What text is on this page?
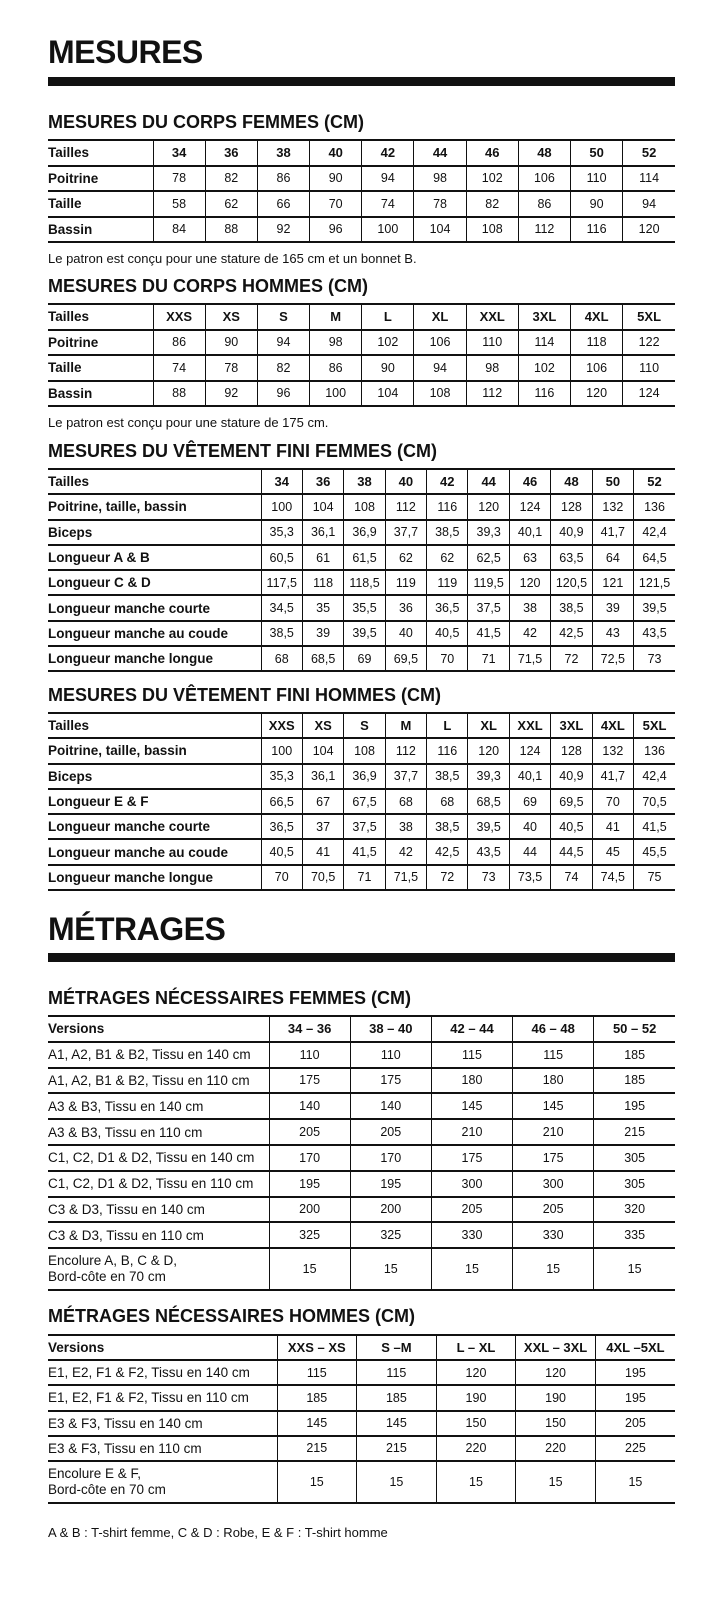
MESURES
MESURES DU CORPS FEMMES (CM)
Tailles	34	36	38	40	42	44	46	48	50	52
Poitrine	78	82	86	90	94	98	102	106	110	114
Taille	58	62	66	70	74	78	82	86	90	94
Bassin	84	88	92	96	100	104	108	112	116	120
Le patron est conçu pour une stature de 165 cm et un bonnet B.
MESURES DU CORPS HOMMES (CM)
Tailles	XXS	XS	S	M	L	XL	XXL	3XL	4XL	5XL
Poitrine	86	90	94	98	102	106	110	114	118	122
Taille	74	78	82	86	90	94	98	102	106	110
Bassin	88	92	96	100	104	108	112	116	120	124
Le patron est conçu pour une stature de 175 cm.
MESURES DU VÊTEMENT FINI FEMMES (CM)
Tailles	34	36	38	40	42	44	46	48	50	52
Poitrine, taille, bassin	100	104	108	112	116	120	124	128	132	136
Biceps	35,3	36,1	36,9	37,7	38,5	39,3	40,1	40,9	41,7	42,4
Longueur A & B	60,5	61	61,5	62	62	62,5	63	63,5	64	64,5
Longueur C & D	117,5	118	118,5	119	119	119,5	120	120,5	121	121,5
Longueur manche courte	34,5	35	35,5	36	36,5	37,5	38	38,5	39	39,5
Longueur manche au coude	38,5	39	39,5	40	40,5	41,5	42	42,5	43	43,5
Longueur manche longue	68	68,5	69	69,5	70	71	71,5	72	72,5	73
MESURES DU VÊTEMENT FINI HOMMES (CM)
Tailles	XXS	XS	S	M	L	XL	XXL	3XL	4XL	5XL
Poitrine, taille, bassin	100	104	108	112	116	120	124	128	132	136
Biceps	35,3	36,1	36,9	37,7	38,5	39,3	40,1	40,9	41,7	42,4
Longueur E & F	66,5	67	67,5	68	68	68,5	69	69,5	70	70,5
Longueur manche courte	36,5	37	37,5	38	38,5	39,5	40	40,5	41	41,5
Longueur manche au coude	40,5	41	41,5	42	42,5	43,5	44	44,5	45	45,5
Longueur manche longue	70	70,5	71	71,5	72	73	73,5	74	74,5	75
MÉTRAGES
MÉTRAGES NÉCESSAIRES FEMMES (CM)
Versions	34 – 36	38 – 40	42 – 44	46 – 48	50 – 52
A1, A2, B1 & B2, Tissu en 140 cm	110	110	115	115	185
A1, A2, B1 & B2, Tissu en 110 cm	175	175	180	180	185
A3 & B3, Tissu en 140 cm	140	140	145	145	195
A3 & B3, Tissu en 110 cm	205	205	210	210	215
C1, C2, D1 & D2, Tissu en 140 cm	170	170	175	175	305
C1, C2, D1 & D2, Tissu en 110 cm	195	195	300	300	305
C3 & D3, Tissu en 140 cm	200	200	205	205	320
C3 & D3, Tissu en 110 cm	325	325	330	330	335
Encolure A, B, C & D,
Bord-côte en 70 cm	15	15	15	15	15
MÉTRAGES NÉCESSAIRES HOMMES (CM)
Versions	XXS – XS	S –M	L – XL	XXL – 3XL	4XL –5XL
E1, E2, F1 & F2, Tissu en 140 cm	115	115	120	120	195
E1, E2, F1 & F2, Tissu en 110 cm	185	185	190	190	195
E3 & F3, Tissu en 140 cm	145	145	150	150	205
E3 & F3, Tissu en 110 cm	215	215	220	220	225
Encolure E & F,
Bord-côte en 70 cm	15	15	15	15	15
A & B : T-shirt femme, C & D : Robe, E & F : T-shirt homme
